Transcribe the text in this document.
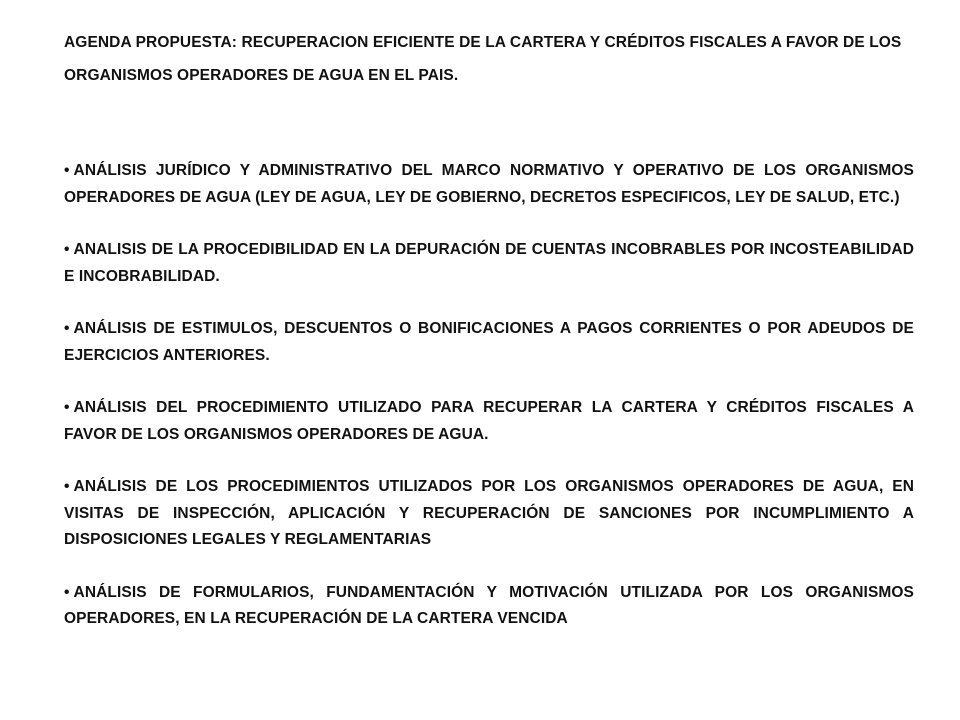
AGENDA PROPUESTA: RECUPERACION EFICIENTE DE LA CARTERA Y CRÉDITOS FISCALES A FAVOR DE LOS ORGANISMOS OPERADORES DE AGUA EN EL PAIS.
• ANÁLISIS JURÍDICO Y ADMINISTRATIVO DEL MARCO NORMATIVO Y OPERATIVO DE LOS ORGANISMOS OPERADORES DE AGUA (LEY DE AGUA, LEY DE GOBIERNO, DECRETOS ESPECIFICOS, LEY DE SALUD, ETC.)
• ANALISIS DE LA PROCEDIBILIDAD EN LA DEPURACIÓN DE CUENTAS INCOBRABLES POR INCOSTEABILIDAD E INCOBRABILIDAD.
• ANÁLISIS DE ESTIMULOS, DESCUENTOS O BONIFICACIONES A PAGOS CORRIENTES O POR ADEUDOS DE EJERCICIOS ANTERIORES.
• ANÁLISIS DEL PROCEDIMIENTO UTILIZADO PARA RECUPERAR LA CARTERA Y CRÉDITOS FISCALES A FAVOR DE LOS ORGANISMOS OPERADORES DE AGUA.
• ANÁLISIS DE LOS PROCEDIMIENTOS UTILIZADOS POR LOS ORGANISMOS OPERADORES DE AGUA, EN VISITAS DE INSPECCIÓN, APLICACIÓN Y RECUPERACIÓN DE SANCIONES POR INCUMPLIMIENTO A DISPOSICIONES LEGALES Y REGLAMENTARIAS
• ANÁLISIS DE FORMULARIOS, FUNDAMENTACIÓN Y MOTIVACIÓN UTILIZADA POR LOS ORGANISMOS OPERADORES, EN LA RECUPERACIÓN DE LA CARTERA VENCIDA
